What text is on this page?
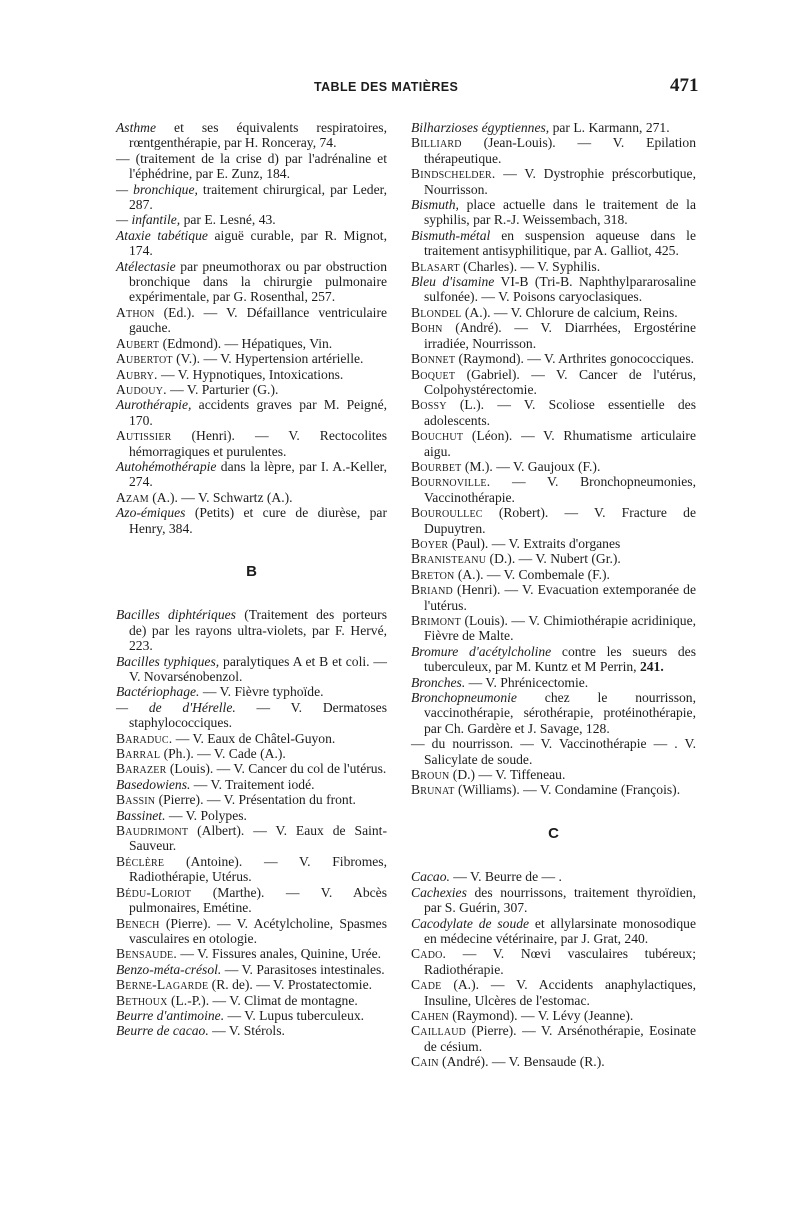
TABLE DES MATIÈRES	471
Asthme et ses équivalents respiratoires, rœntgenthérapie, par H. Ronceray, 74.
— (traitement de la crise d) par l'adrénaline et l'éphédrine, par E. Zunz, 184.
— bronchique, traitement chirurgical, par Leder, 287.
— infantile, par E. Lesné, 43.
Ataxie tabétique aiguë curable, par R. Mignot, 174.
Atélectasie par pneumothorax ou par obstruction bronchique dans la chirurgie pulmonaire expérimentale, par G. Rosenthal, 257.
Athon (Ed.). — V. Défaillance ventriculaire gauche.
Aubert (Edmond). — Hépatiques, Vin.
Aubertot (V.). — V. Hypertension artérielle.
Aubry. — V. Hypnotiques, Intoxications.
Audouy. — V. Parturier (G.).
Aurothérapie, accidents graves par M. Peigné, 170.
Autissier (Henri). — V. Rectocolites hémorragiques et purulentes.
Autohémothérapie dans la lèpre, par I. A.-Keller, 274.
Azam (A.). — V. Schwartz (A.).
Azo-émiques (Petits) et cure de diurèse, par Henry, 384.
B
Bacilles diphtériques (Traitement des porteurs de) par les rayons ultra-violets, par F. Hervé, 223.
Bacilles typhiques, paralytiques A et B et coli. — V. Novarsénobenzol.
Bactériophage. — V. Fièvre typhoïde.
— de d'Hérelle. — V. Dermatoses staphylococciques.
Baraduc. — V. Eaux de Châtel-Guyon.
Barral (Ph.). — V. Cade (A.).
Barazer (Louis). — V. Cancer du col de l'utérus.
Basedowiens. — V. Traitement iodé.
Bassin (Pierre). — V. Présentation du front.
Bassinet. — V. Polypes.
Baudrimont (Albert). — V. Eaux de Saint-Sauveur.
Béclère (Antoine). — V. Fibromes, Radiothérapie, Utérus.
Bédu-Loriot (Marthe). — V. Abcès pulmonaires, Emétine.
Benech (Pierre). — V. Acétylcholine, Spasmes vasculaires en otologie.
Bensaude. — V. Fissures anales, Quinine, Urée.
Benzo-méta-crésol. — V. Parasitoses intestinales.
Berne-Lagarde (R. de). — V. Prostatectomie.
Bethoux (L.-P.). — V. Climat de montagne.
Beurre d'antimoine. — V. Lupus tuberculeux.
Beurre de cacao. — V. Stérols.
Bilharzioses égyptiennes, par L. Karmann, 271.
Billiard (Jean-Louis). — V. Epilation thérapeutique.
Bindschelder. — V. Dystrophie préscorbutique, Nourrisson.
Bismuth, place actuelle dans le traitement de la syphilis, par R.-J. Weissembach, 318.
Bismuth-métal en suspension aqueuse dans le traitement antisyphilitique, par A. Galliot, 425.
Blasart (Charles). — V. Syphilis.
Bleu d'isamine VI-B (Tri-B. Naphthylpararosaline sulfonée). — V. Poisons caryoclasiques.
Blondel (A.). — V. Chlorure de calcium, Reins.
Bohn (André). — V. Diarrhées, Ergostérine irradiée, Nourrisson.
Bonnet (Raymond). — V. Arthrites gonococciques.
Boquet (Gabriel). — V. Cancer de l'utérus, Colpohystérectomie.
Bossy (L.). — V. Scoliose essentielle des adolescents.
Bouchut (Léon). — V. Rhumatisme articulaire aigu.
Bourbet (M.). — V. Gaujoux (F.).
Bournoville. — V. Bronchopneumonies, Vaccinothérapie.
Bouroullec (Robert). — V. Fracture de Dupuytren.
Boyer (Paul). — V. Extraits d'organes
Branisteanu (D.). — V. Nubert (Gr.).
Breton (A.). — V. Combemale (F.).
Briand (Henri). — V. Evacuation extemporanée de l'utérus.
Brimont (Louis). — V. Chimiothérapie acridinique, Fièvre de Malte.
Bromure d'acétylcholine contre les sueurs des tuberculeux, par M. Kuntz et M Perrin, 241.
Bronches. — V. Phrénicectomie.
Bronchopneumonie chez le nourrisson, vaccinothérapie, sérothérapie, protéinothérapie, par Ch. Gardère et J. Savage, 128.
— du nourrisson. — V. Vaccinothérapie — . V. Salicylate de soude.
Broun (D.) — V. Tiffeneau.
Brunat (Williams). — V. Condamine (François).
C
Cacao. — V. Beurre de — .
Cachexies des nourrissons, traitement thyroïdien, par S. Guérin, 307.
Cacodylate de soude et allylarsinate monosodique en médecine vétérinaire, par J. Grat, 240.
Cado. — V. Nœvi vasculaires tubéreux; Radiothérapie.
Cade (A.). — V. Accidents anaphylactiques, Insuline, Ulcères de l'estomac.
Cahen (Raymond). — V. Lévy (Jeanne).
Caillaud (Pierre). — V. Arsénothérapie, Eosinate de césium.
Cain (André). — V. Bensaude (R.).
